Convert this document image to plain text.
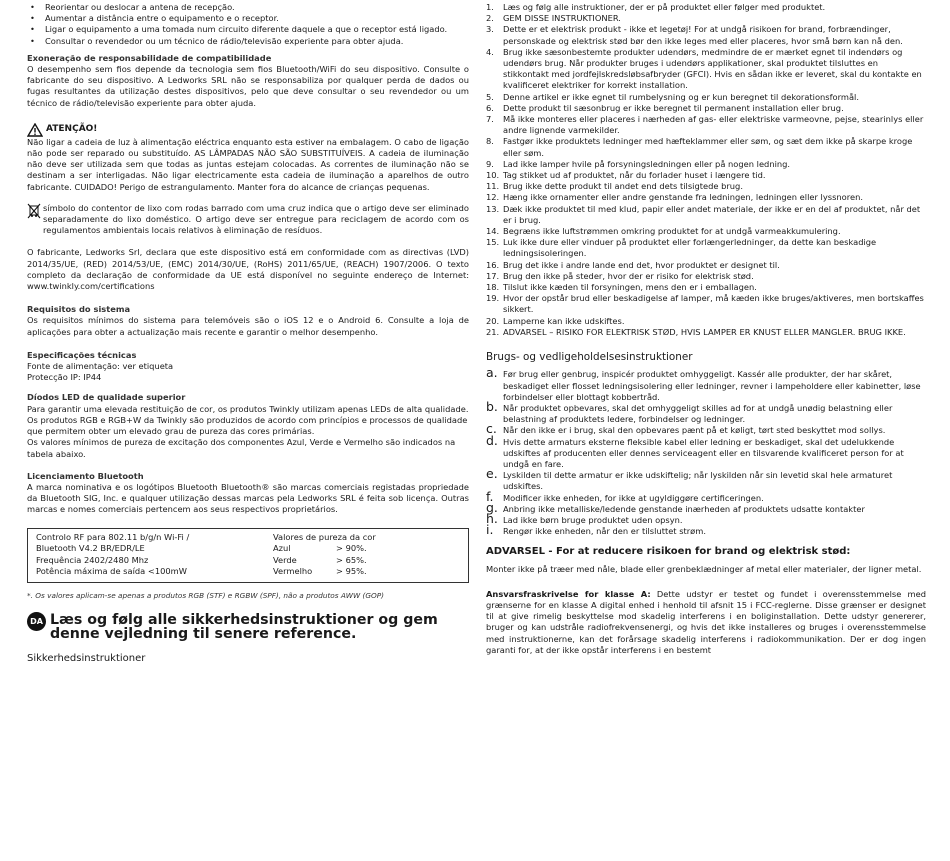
• Reorientar ou deslocar a antena de recepção.
• Aumentar a distância entre o equipamento e o receptor.
• Ligar o equipamento a uma tomada num circuito diferente daquele a que o receptor está ligado.
• Consultar o revendedor ou um técnico de rádio/televisão experiente para obter ajuda.

Exoneração de responsabilidade de compatibilidade

O desempenho sem fios depende da tecnologia sem fios Bluetooth/WiFi do seu dispositivo. Consulte o fabricante do seu dispositivo. A Ledworks SRL não se responsabiliza por qualquer perda de dados ou fugas resultantes da utilização destes dispositivos, pelo que deve consultar o seu revendedor ou um técnico de rádio/televisão experiente para obter ajuda.

ATENÇÃO!

Não ligar a cadeia de luz à alimentação eléctrica enquanto esta estiver na embalagem. O cabo de ligação não pode ser reparado ou substituído. AS LÂMPADAS NÃO SÃO SUBSTITUÍVEIS. A cadeia de iluminação não deve ser utilizada sem que todas as juntas estejam colocadas. As correntes de iluminação não se destinam a ser interligadas. Não ligar electricamente esta cadeia de iluminação a aparelhos de outro fabricante. CUIDADO! Perigo de estrangulamento. Manter fora do alcance de crianças pequenas.

símbolo do contentor de lixo com rodas barrado com uma cruz indica que o artigo deve ser eliminado separadamente do lixo doméstico. O artigo deve ser entregue para reciclagem de acordo com os regulamentos ambientais locais relativos à eliminação de resíduos.

O fabricante, Ledworks Srl, declara que este dispositivo está em conformidade com as directivas (LVD) 2014/35/UE, (RED) 2014/53/UE, (EMC) 2014/30/UE, (RoHS) 2011/65/UE, (REACH) 1907/2006. O texto completo da declaração de conformidade da UE está disponível no seguinte endereço de Internet: www.twinkly.com/certifications

Requisitos do sistema

Os requisitos mínimos do sistema para telemóveis são o iOS 12 e o Android 6. Consulte a loja de aplicações para obter a actualização mais recente e garantir o melhor desempenho.

Especificações técnicas

Fonte de alimentação: ver etiqueta

Protecção IP: IP44

Díodos LED de qualidade superior

Para garantir uma elevada restituição de cor, os produtos Twinkly utilizam apenas LEDs de alta qualidade.

Os produtos RGB e RGB+W da Twinkly são produzidos de acordo com princípios e processos de qualidade que permitem obter um elevado grau de pureza das cores primárias.

Os valores mínimos de pureza de excitação dos componentes Azul, Verde e Vermelho são indicados na tabela abaixo.

Licenciamento Bluetooth

A marca nominativa e os logótipos Bluetooth Bluetooth® são marcas comerciais registadas propriedade da Bluetooth SIG, Inc. e qualquer utilização dessas marcas pela Ledworks SRL é feita sob licença. Outras marcas e nomes comerciais pertencem aos seus respectivos proprietários.

Controlo RF para 802.11 b/g/n Wi-Fi /	Valores de pureza da cor
Bluetooth V4.2 BR/EDR/LE	Azul	> 90%.
Frequência 2402/2480 Mhz	Verde	> 65%.
Potência máxima de saída <100mW	Vermelho	> 95%.

*. Os valores aplicam-se apenas a produtos RGB (STF) e RGBW (SPF), não a produtos AWW (GOP)

DA Læs og følg alle sikkerhedsinstruktioner og gem denne vejledning til senere reference.

Sikkerhedsinstruktioner

1. Læs og følg alle instruktioner, der er på produktet eller følger med produktet.
2. GEM DISSE INSTRUKTIONER.
3. Dette er et elektrisk produkt - ikke et legetøj! For at undgå risikoen for brand, forbrændinger, personskade og elektrisk stød bør den ikke leges med eller placeres, hvor små børn kan nå den.
4. Brug ikke sæsonbestemte produkter udendørs, medmindre de er mærket egnet til indendørs og udendørs brug. Når produkter bruges i udendørs applikationer, skal produktet tilsluttes en stikkontakt med jordfejlskredsløbsafbryder (GFCI). Hvis en sådan ikke er leveret, skal du kontakte en kvalificeret elektriker for korrekt installation.
5. Denne artikel er ikke egnet til rumbelysning og er kun beregnet til dekorationsformål.
6. Dette produkt til sæsonbrug er ikke beregnet til permanent installation eller brug.
7. Må ikke monteres eller placeres i nærheden af gas- eller elektriske varmeovne, pejse, stearinlys eller andre lignende varmekilder.
8. Fastgør ikke produktets ledninger med hæfteklammer eller søm, og sæt dem ikke på skarpe kroge eller søm.
9. Lad ikke lamper hvile på forsyningsledningen eller på nogen ledning.
10. Tag stikket ud af produktet, når du forlader huset i længere tid.
11. Brug ikke dette produkt til andet end dets tilsigtede brug.
12. Hæng ikke ornamenter eller andre genstande fra ledningen, ledningen eller lyssnoren.
13. Dæk ikke produktet til med klud, papir eller andet materiale, der ikke er en del af produktet, når det er i brug.
14. Begræns ikke luftstrømmen omkring produktet for at undgå varmeakkumulering.
15. Luk ikke dure eller vinduer på produktet eller forlængerledninger, da dette kan beskadige ledningsisoleringen.
16. Brug det ikke i andre lande end det, hvor produktet er designet til.
17. Brug den ikke på steder, hvor der er risiko for elektrisk stød.
18. Tilslut ikke kæden til forsyningen, mens den er i emballagen.
19. Hvor der opstår brud eller beskadigelse af lamper, må kæden ikke bruges/aktiveres, men bortskaffes sikkert.
20. Lamperne kan ikke udskiftes.
21. ADVARSEL – RISIKO FOR ELEKTRISK STØD, HVIS LAMPER ER KNUST ELLER MANGLER. BRUG IKKE.

Brugs- og vedligeholdelsesinstruktioner

a. Før brug eller genbrug, inspicér produktet omhyggeligt. Kassér alle produkter, der har skåret, beskadiget eller flosset ledningsisolering eller ledninger, revner i lampeholdere eller kabinetter, løse forbindelser eller blottagt kobbertråd.
b. Når produktet opbevares, skal det omhyggeligt skilles ad for at undgå unødig belastning eller belastning af produktets ledere, forbindelser og ledninger.
c. Når den ikke er i brug, skal den opbevares pænt på et køligt, tørt sted beskyttet mod sollys.
d. Hvis dette armaturs eksterne fleksible kabel eller ledning er beskadiget, skal det udelukkende udskiftes af producenten eller dennes serviceagent eller en tilsvarende kvalificeret person for at undgå en fare.
e. Lyskilden til dette armatur er ikke udskiftelig; når lyskilden når sin levetid skal hele armaturet udskiftes.
f. Modificer ikke enheden, for ikke at ugyldiggøre certificeringen.
g. Anbring ikke metalliske/ledende genstande inærheden af produktets udsatte kontakter
h. Lad ikke børn bruge produktet uden opsyn.
i. Rengør ikke enheden, når den er tilsluttet strøm.

ADVARSEL - For at reducere risikoen for brand og elektrisk stød:

Monter ikke på træer med nåle, blade eller grenbeklædninger af metal eller materialer, der ligner metal.

Ansvarsfraskrivelse for klasse A: Dette udstyr er testet og fundet i overensstemmelse med grænserne for en klasse A digital enhed i henhold til afsnit 15 i FCC-reglerne. Disse grænser er designet til at give rimelig beskyttelse mod skadelig interferens i en boliginstallation. Dette udstyr genererer, bruger og kan udstråle radiofrekvensenergi, og hvis det ikke installeres og bruges i overensstemmelse med instruktionerne, kan det forårsage skadelig interferens i radiokommunikation. Der er dog ingen garanti for, at der ikke opstår interferens i en bestemt
